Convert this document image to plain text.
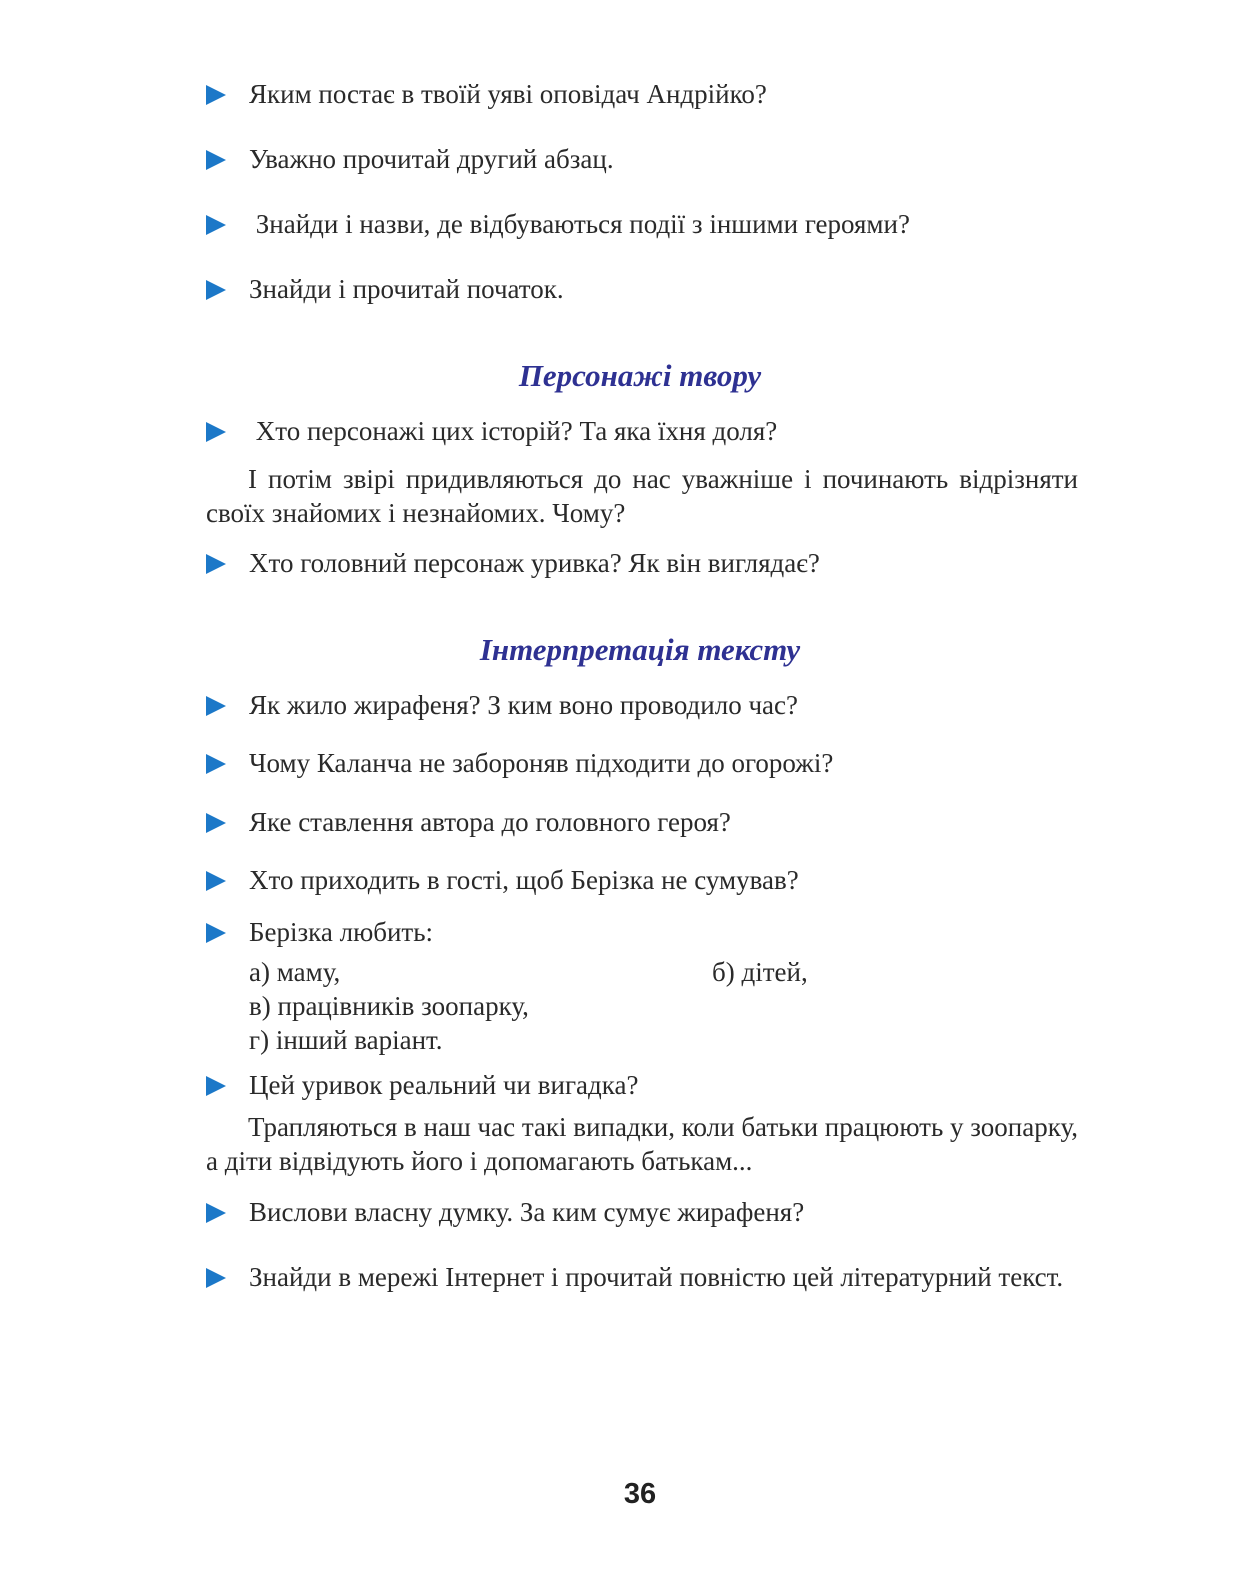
Яким постає в твоїй уяві оповідач Андрійко?
Уважно прочитай другий абзац.
Знайди і назви, де відбуваються події з іншими героями?
Знайди і прочитай початок.
Персонажі твору
Хто персонажі цих історій? Та яка їхня доля?
І потім звірі придивляються до нас уважніше і починають відрізняти своїх знайомих і незнайомих. Чому?
Хто головний персонаж уривка? Як він виглядає?
Інтерпретація тексту
Як жило жирафеня? З ким воно проводило час?
Чому Каланча не забороняв підходити до огорожі?
Яке ставлення автора до головного героя?
Хто приходить в гості, щоб Берізка не сумував?
Берізка любить:
а) маму,	б) дітей,
в) працівників зоопарку,
г) інший варіант.
Цей уривок реальний чи вигадка?
Трапляються в наш час такі випадки, коли батьки працюють у зоопарку, а діти відвідують його і допомагають батькам...
Вислови власну думку. За ким сумує жирафеня?
Знайди в мережі Інтернет і прочитай повністю цей літературний текст.
36
